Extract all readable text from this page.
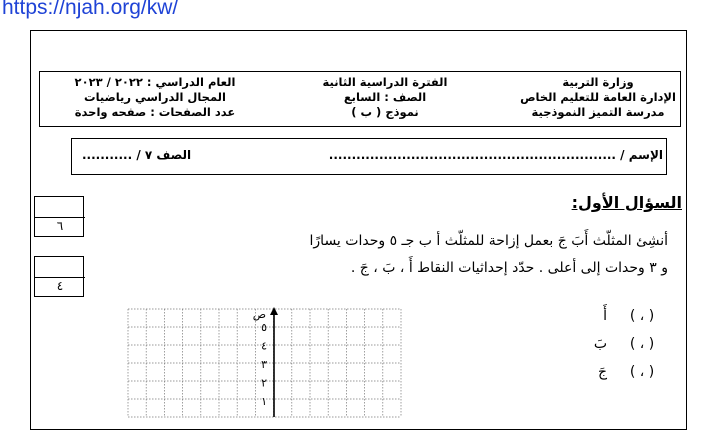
https://njah.org/kw/
وزارة التربية
الإدارة العامة للتعليم الخاص
مدرسة التميز النموذجية
الفترة الدراسية الثانية
الصف : السابع
نموذج ( ب )
العام الدراسي : ٢٠٢٢ / ٢٠٢٣
المجال الدراسي رياضيات
عدد الصفحات : صفحه واحدة
الإسم / ...............................................................
الصف ٧ / ...........
٦
٤
السؤال الأول:
أنشِئ المثلّث أَبَ جَ بعمل إزاحة للمثلّث أ ب جـ ٥ وحدات يسارًا
و ٣ وحدات إلى أعلى . حدّد إحداثيات النقاط أَ ، بَ ، جَ .
( ، )
أَ
( ، )
بَ
( ، )
جَ
ص
٥
٤
٣
٢
١
